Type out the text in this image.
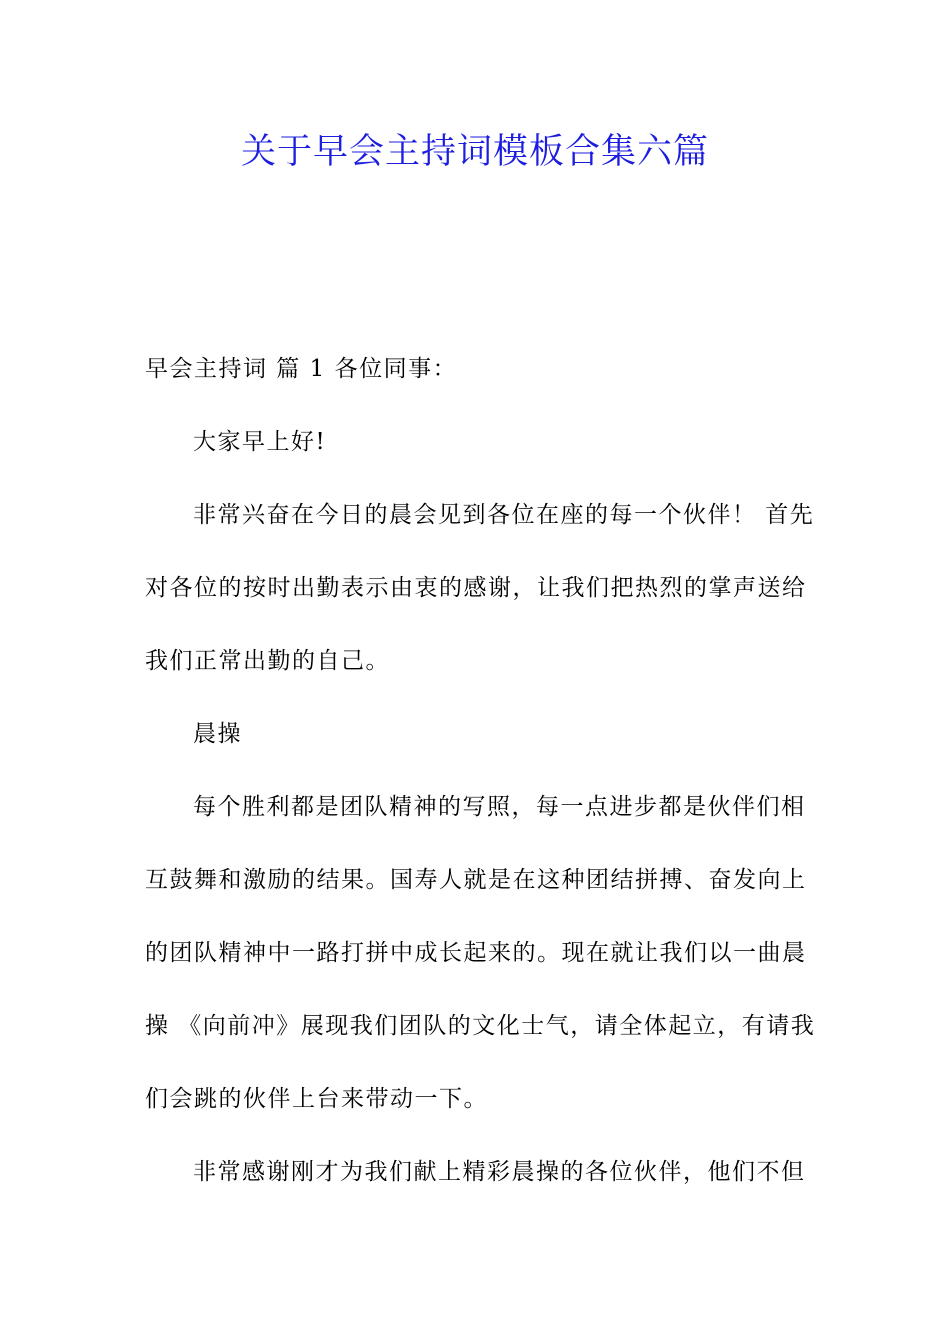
关于早会主持词模板合集六篇
早会主持词 篇 1 各位同事：
大家早上好!
非常兴奋在今日的晨会见到各位在座的每一个伙伴！ 首先
对各位的按时出勤表示由衷的感谢，让我们把热烈的掌声送给
我们正常出勤的自己。
晨操
每个胜利都是团队精神的写照，每一点进步都是伙伴们相
互鼓舞和激励的结果。国寿人就是在这种团结拼搏、奋发向上
的团队精神中一路打拼中成长起来的。现在就让我们以一曲晨
操 《向前冲》展现我们团队的文化士气，请全体起立，有请我
们会跳的伙伴上台来带动一下。
非常感谢刚才为我们献上精彩晨操的各位伙伴，他们不但
